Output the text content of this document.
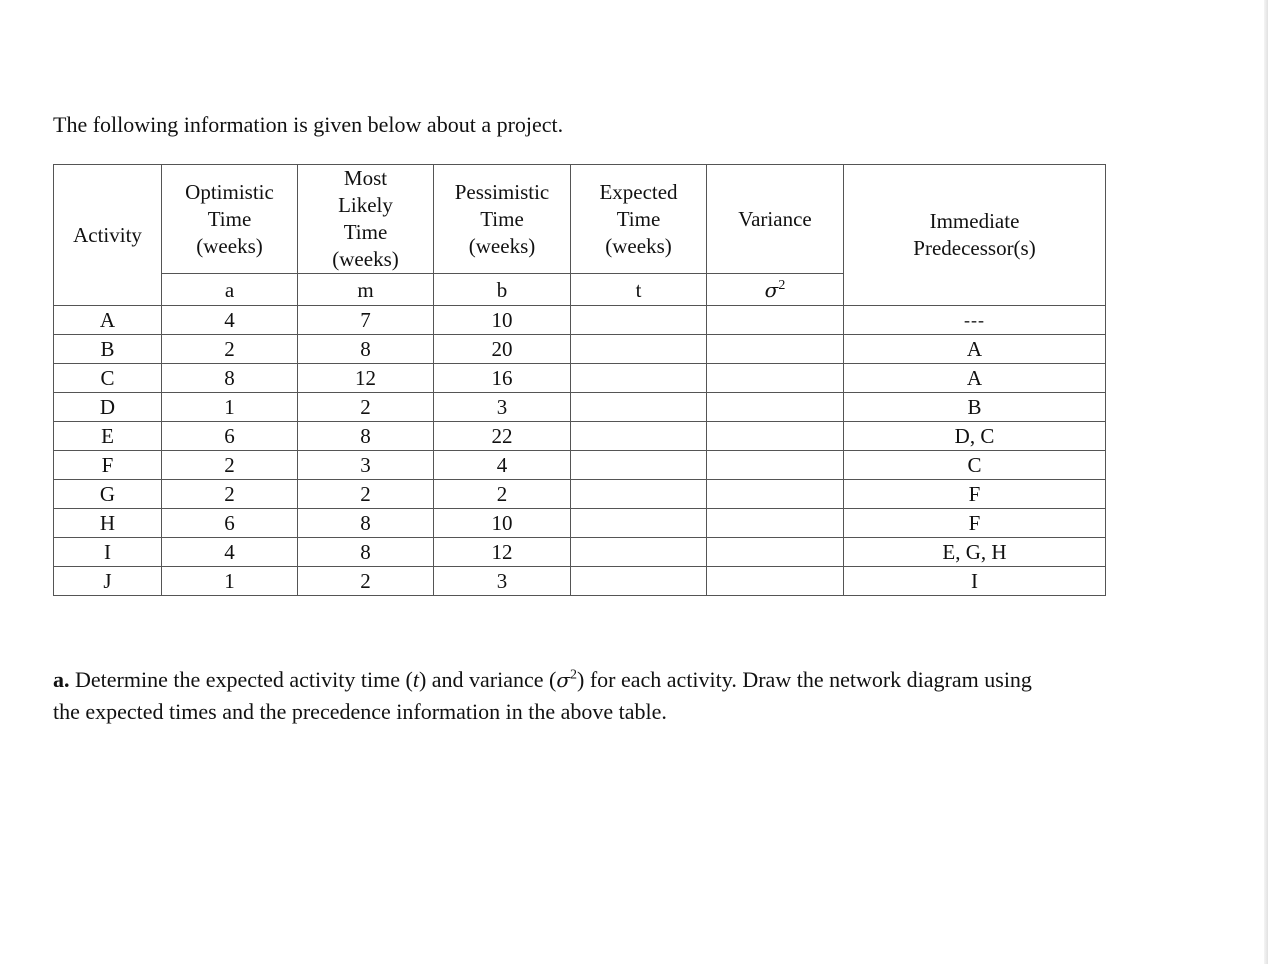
The following information is given below about a project.
Activity	Optimistic
Time
(weeks)	Most
Likely
Time
(weeks)	Pessimistic
Time
(weeks)	Expected
Time
(weeks)	Variance	Immediate
Predecessor(s)
	a	m	b	t	$\sigma^2$
A	4	7	10			---
B	2	8	20			A
C	8	12	16			A
D	1	2	3			B
E	6	8	22			D, C
F	2	3	4			C
G	2	2	2			F
H	6	8	10			F
I	4	8	12			E, G, H
J	1	2	3			I
a. Determine the expected activity time (t) and variance $(\sigma^2)$ for each activity. Draw the network diagram using the expected times and the precedence information in the above table.
